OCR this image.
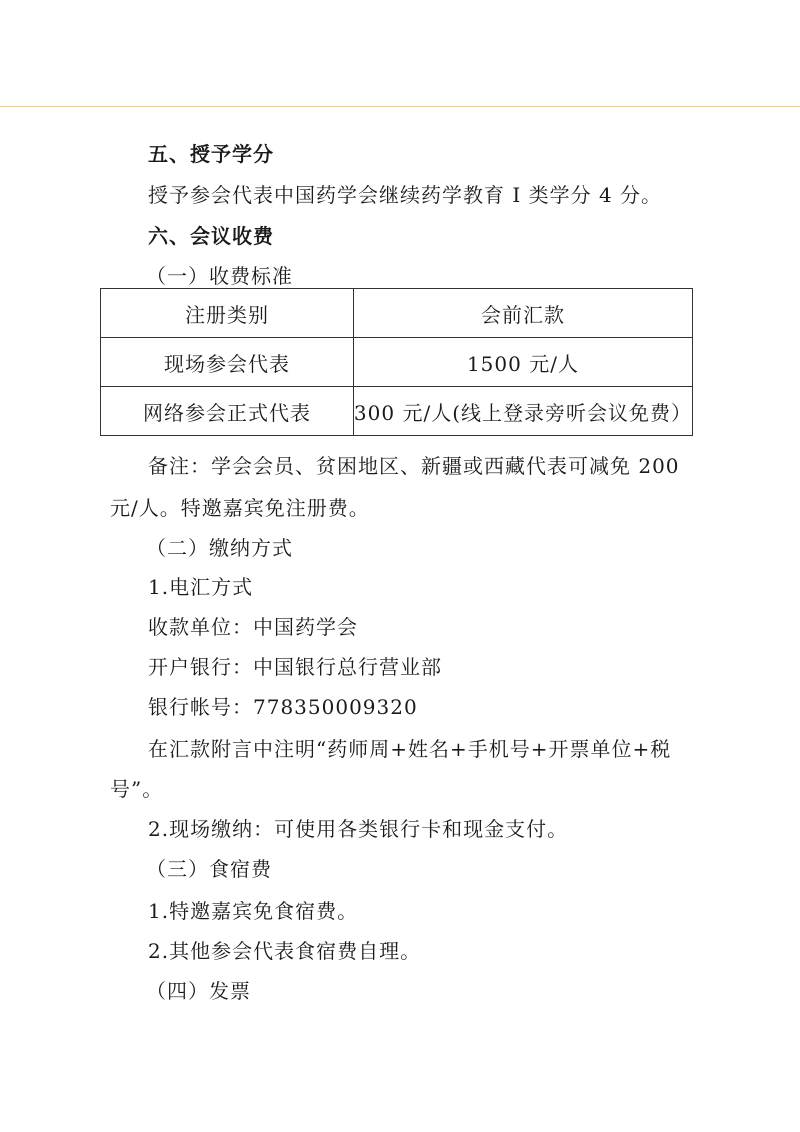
五、授予学分
授予参会代表中国药学会继续药学教育 I 类学分 4 分。
六、会议收费
（一）收费标准
注册类别	会前汇款
现场参会代表	1500 元/人
网络参会正式代表	300 元/人(线上登录旁听会议免费）
备注：学会会员、贫困地区、新疆或西藏代表可减免 200
元/人。特邀嘉宾免注册费。
（二）缴纳方式
1.电汇方式
收款单位：中国药学会
开户银行：中国银行总行营业部
银行帐号：778350009320
在汇款附言中注明“药师周+姓名+手机号+开票单位+税
号”。
2.现场缴纳：可使用各类银行卡和现金支付。
（三）食宿费
1.特邀嘉宾免食宿费。
2.其他参会代表食宿费自理。
（四）发票
